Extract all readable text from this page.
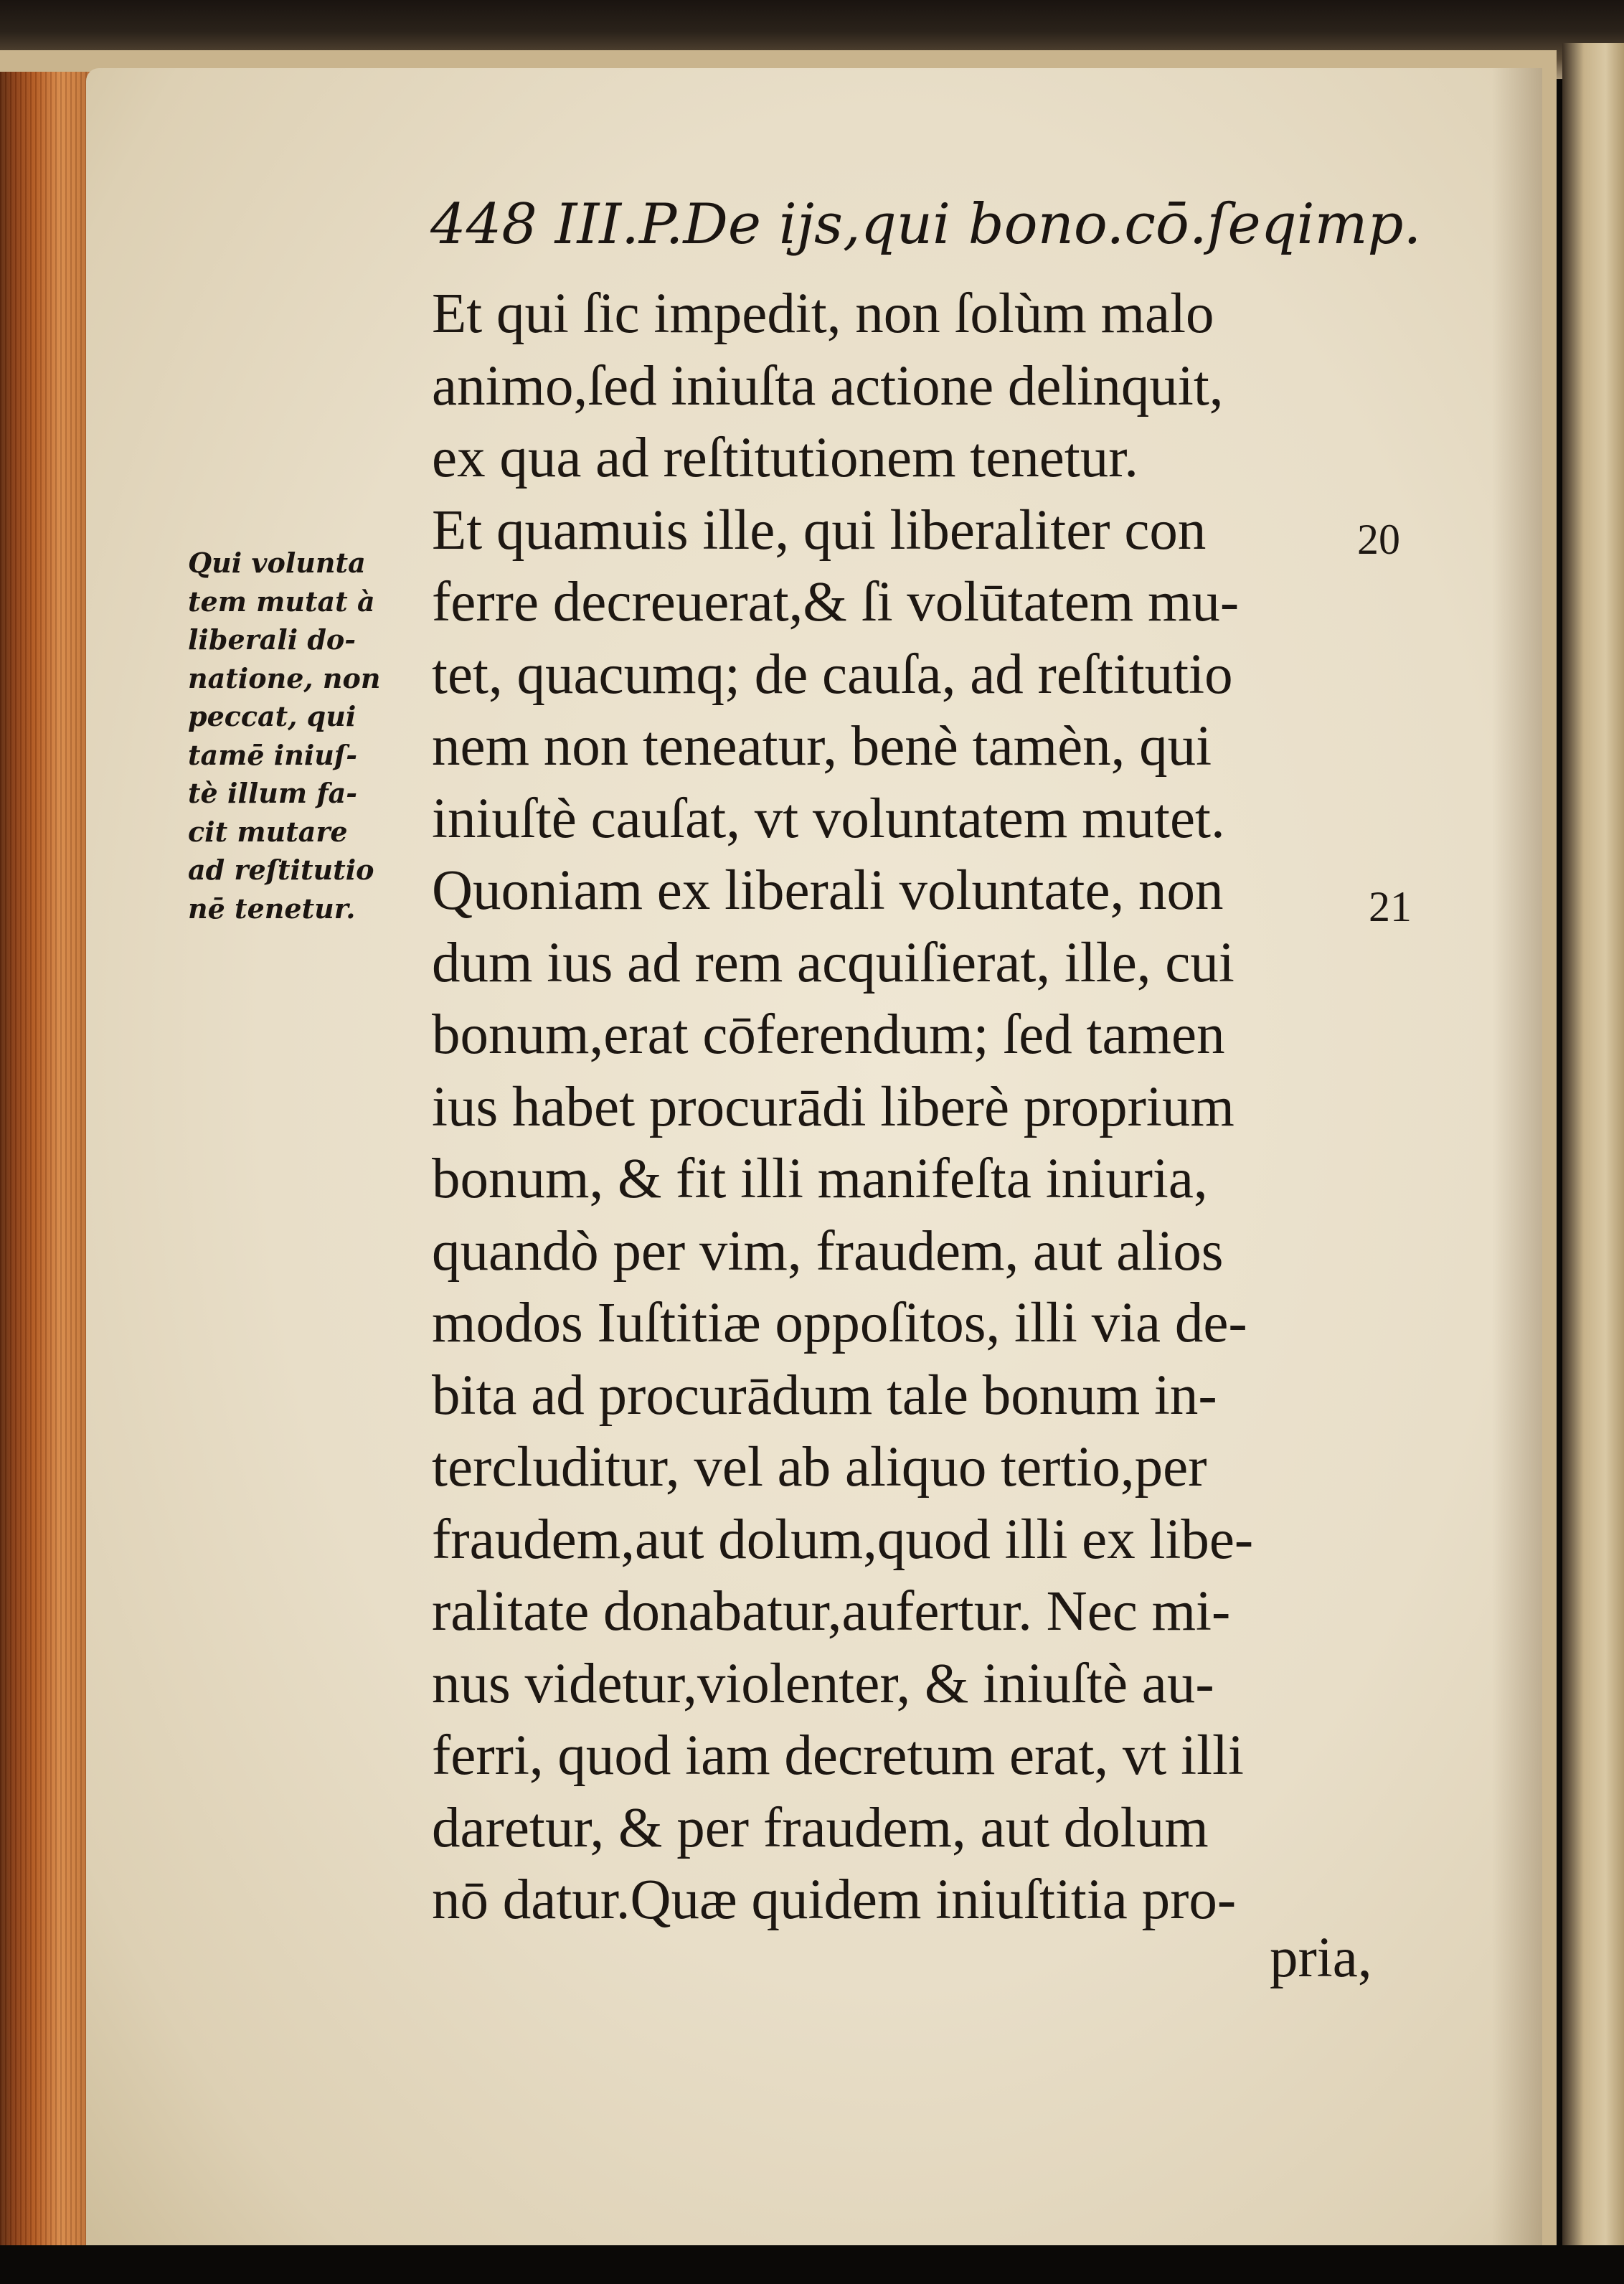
448 III.P.De ijs,qui bono.cō.ſeqimp.
Qui volunta
tem mutat à
liberali do-
natione, non
peccat, qui
tamē iniuſ-
tè illum fa-
cit mutare
ad reſtitutio
nē tenetur.
Et qui ſic impedit, non ſolùm malo
animo,ſed iniuſta actione delinquit,
ex qua ad reſtitutionem tenetur.
Et quamuis ille, qui liberaliter con
ferre decreuerat,& ſi volūtatem mu-
tet, quacumq; de cauſa, ad reſtitutio
nem non teneatur, benè tamèn, qui
iniuſtè cauſat, vt voluntatem mutet.
Quoniam ex liberali voluntate, non
dum ius ad rem acquiſierat, ille, cui
bonum,erat cōferendum; ſed tamen
ius habet procurādi liberè proprium
bonum, & fit illi manifeſta iniuria,
quandò per vim, fraudem, aut alios
modos Iuſtitiæ oppoſitos, illi via de-
bita ad procurādum tale bonum in-
tercluditur, vel ab aliquo tertio,per
fraudem,aut dolum,quod illi ex libe-
ralitate donabatur,aufertur. Nec mi-
nus videtur,violenter, & iniuſtè au-
ferri, quod iam decretum erat, vt illi
daretur, & per fraudem, aut dolum
nō datur.Quæ quidem iniuſtitia pro-
pria,
20
21
